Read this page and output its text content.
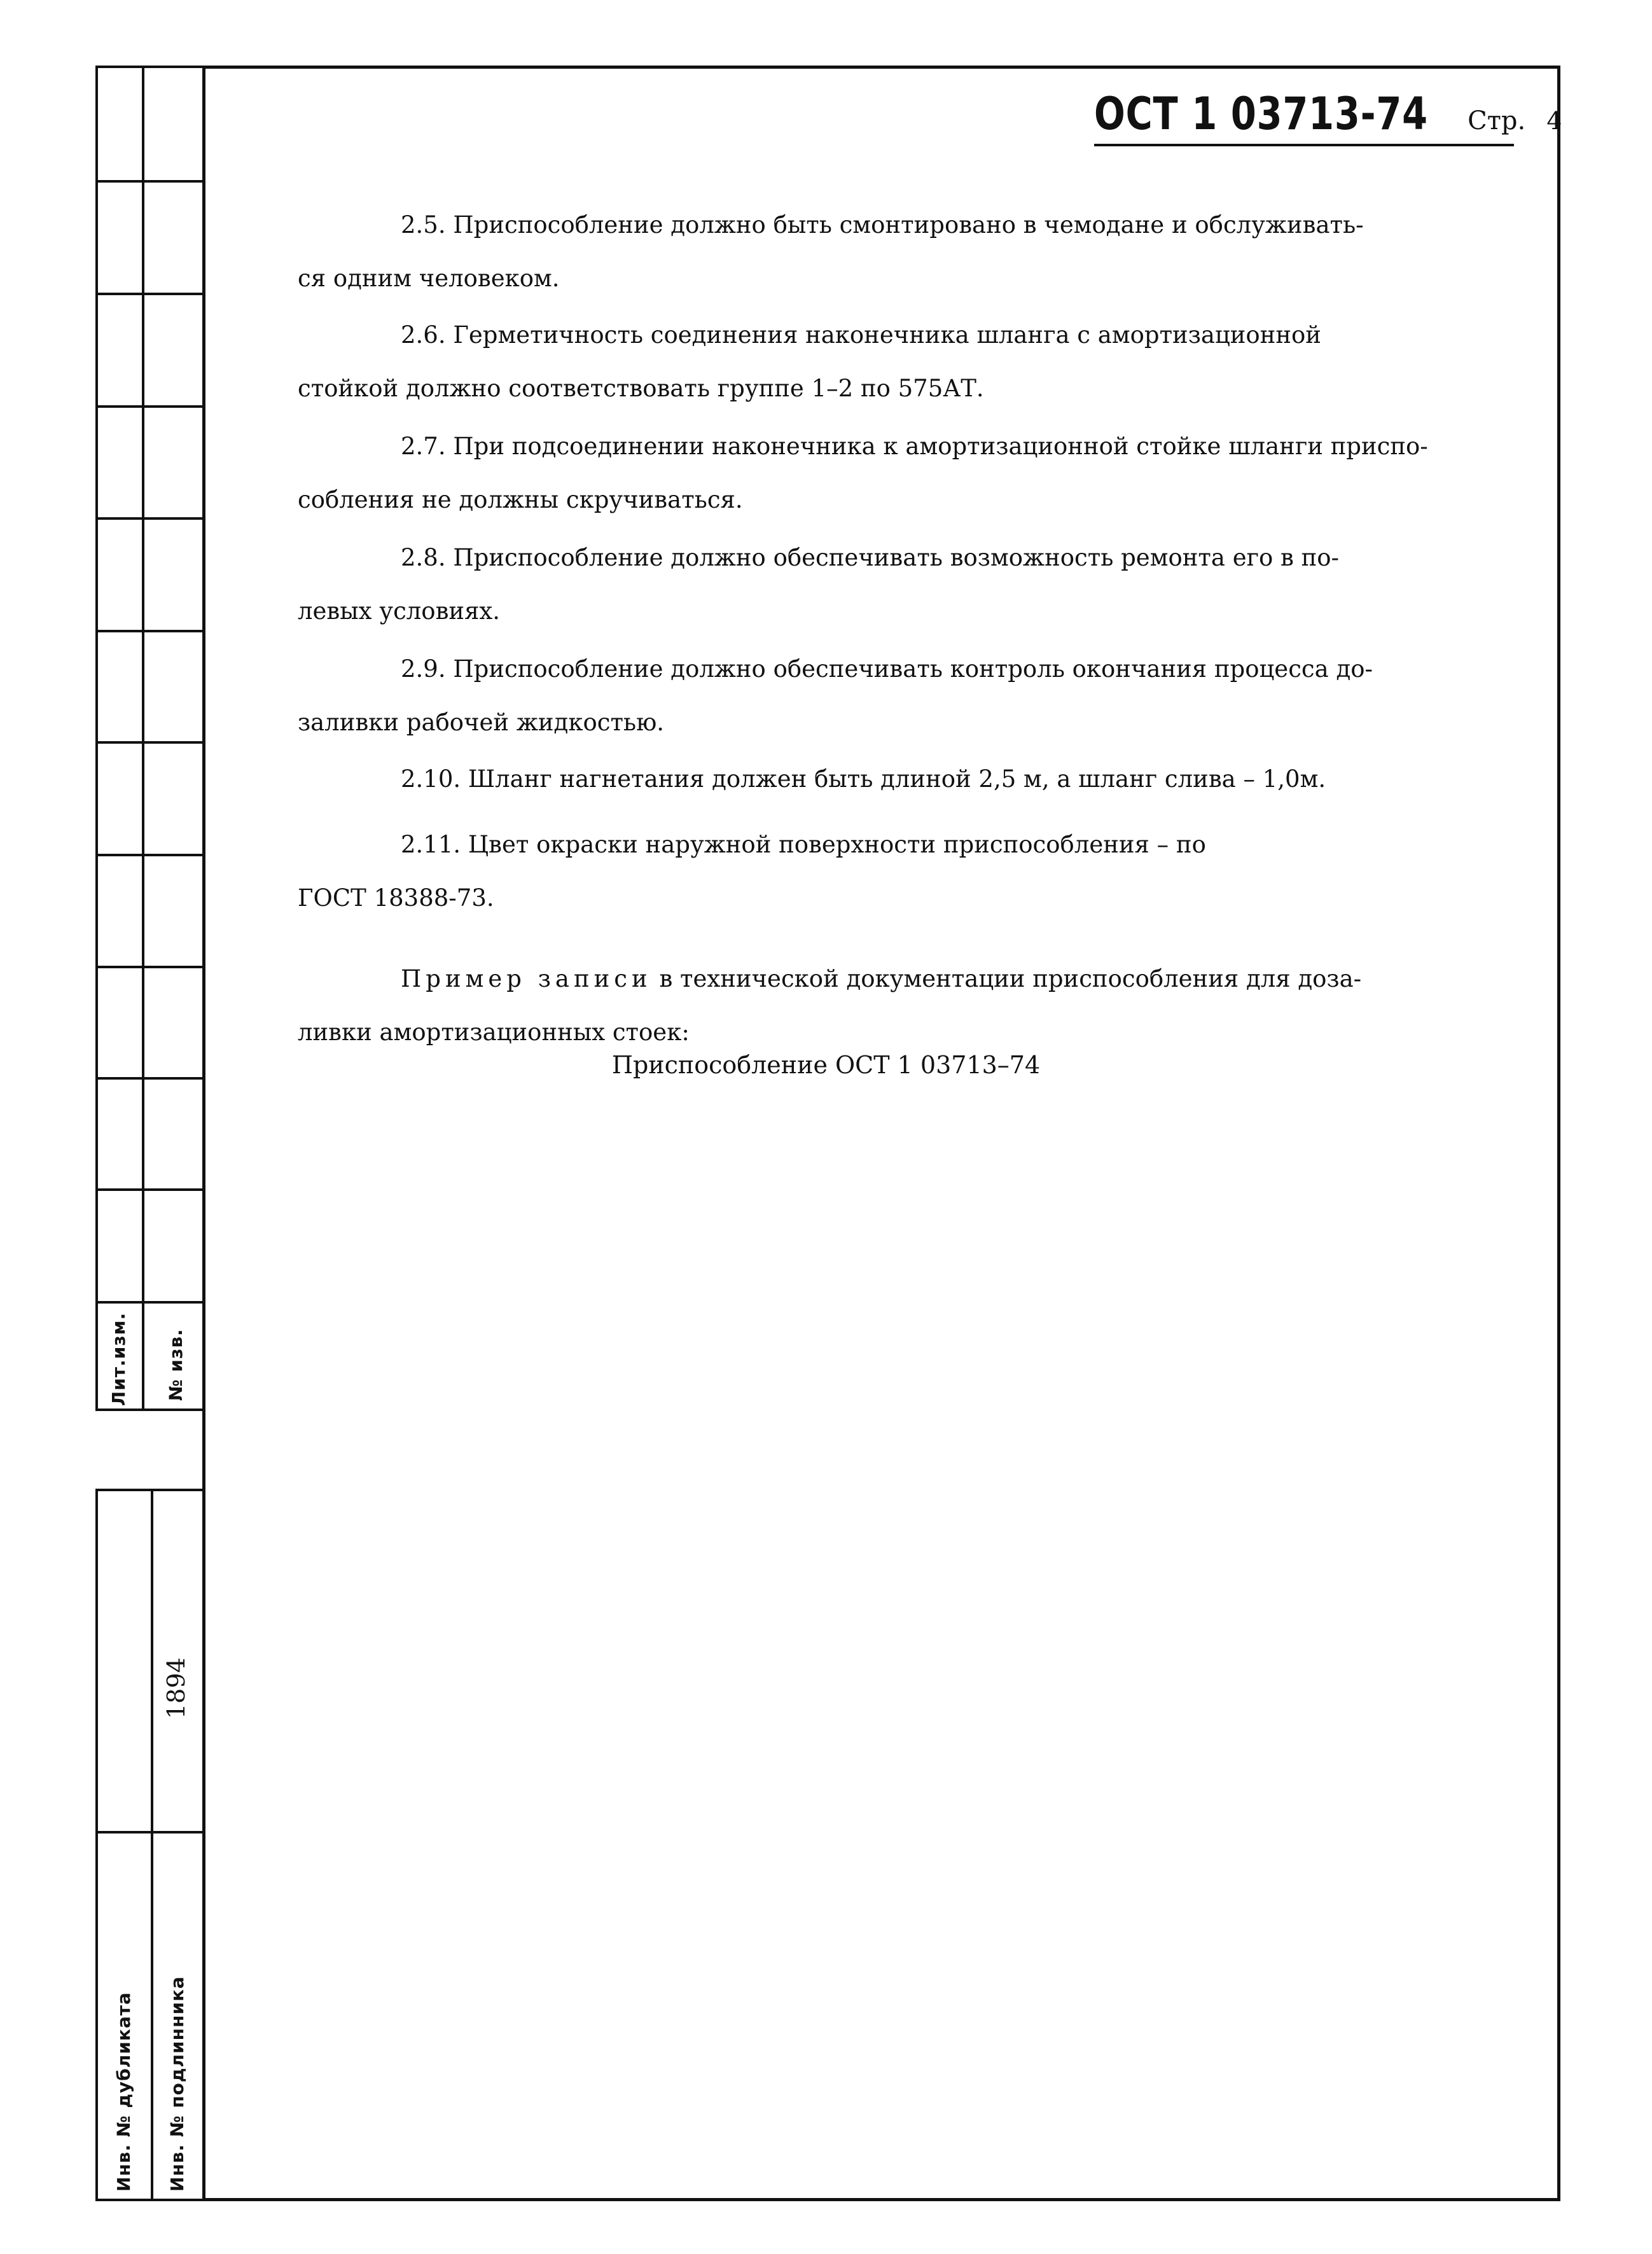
Лит.изм. № изв.
1894
Инв. № дубликата Инв. № подлинника
ОСТ 1 03713-74 Стр. 4
2.5. Приспособление должно быть смонтировано в чемодане и обслуживать-
ся одним человеком.
2.6. Герметичность соединения наконечника шланга с амортизационной
стойкой должно соответствовать группе 1–2 по 575АТ.
2.7. При подсоединении наконечника к амортизационной стойке шланги приспо-
собления не должны скручиваться.
2.8. Приспособление должно обеспечивать возможность ремонта его в по-
левых условиях.
2.9. Приспособление должно обеспечивать контроль окончания процесса до-
заливки рабочей жидкостью.
2.10. Шланг нагнетания должен быть длиной 2,5 м, а шланг слива – 1,0м.
2.11. Цвет окраски наружной поверхности приспособления – по
ГОСТ 18388-73.
Пример записи в технической документации приспособления для доза-
ливки амортизационных стоек:
Приспособление ОСТ 1 03713–74
